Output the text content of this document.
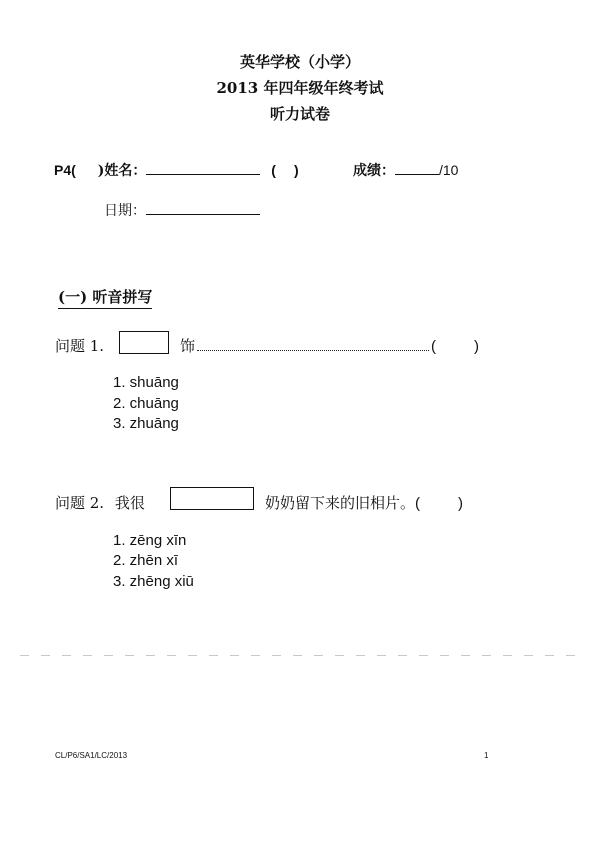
英华学校（小学）
2013 年四年级年终考试
听力试卷
P4( )姓名：	( )	成绩：	/10
日期：
(一) 听音拼写
问题 1.	饰	(	)
1. shuāng
2. chuāng
3. zhuāng
问题 2. 我很	奶奶留下来的旧相片。(	)
1. zēng xīn
2. zhēn xī
3. zhēng xiū
CL/P6/SA1/LC/2013	1
